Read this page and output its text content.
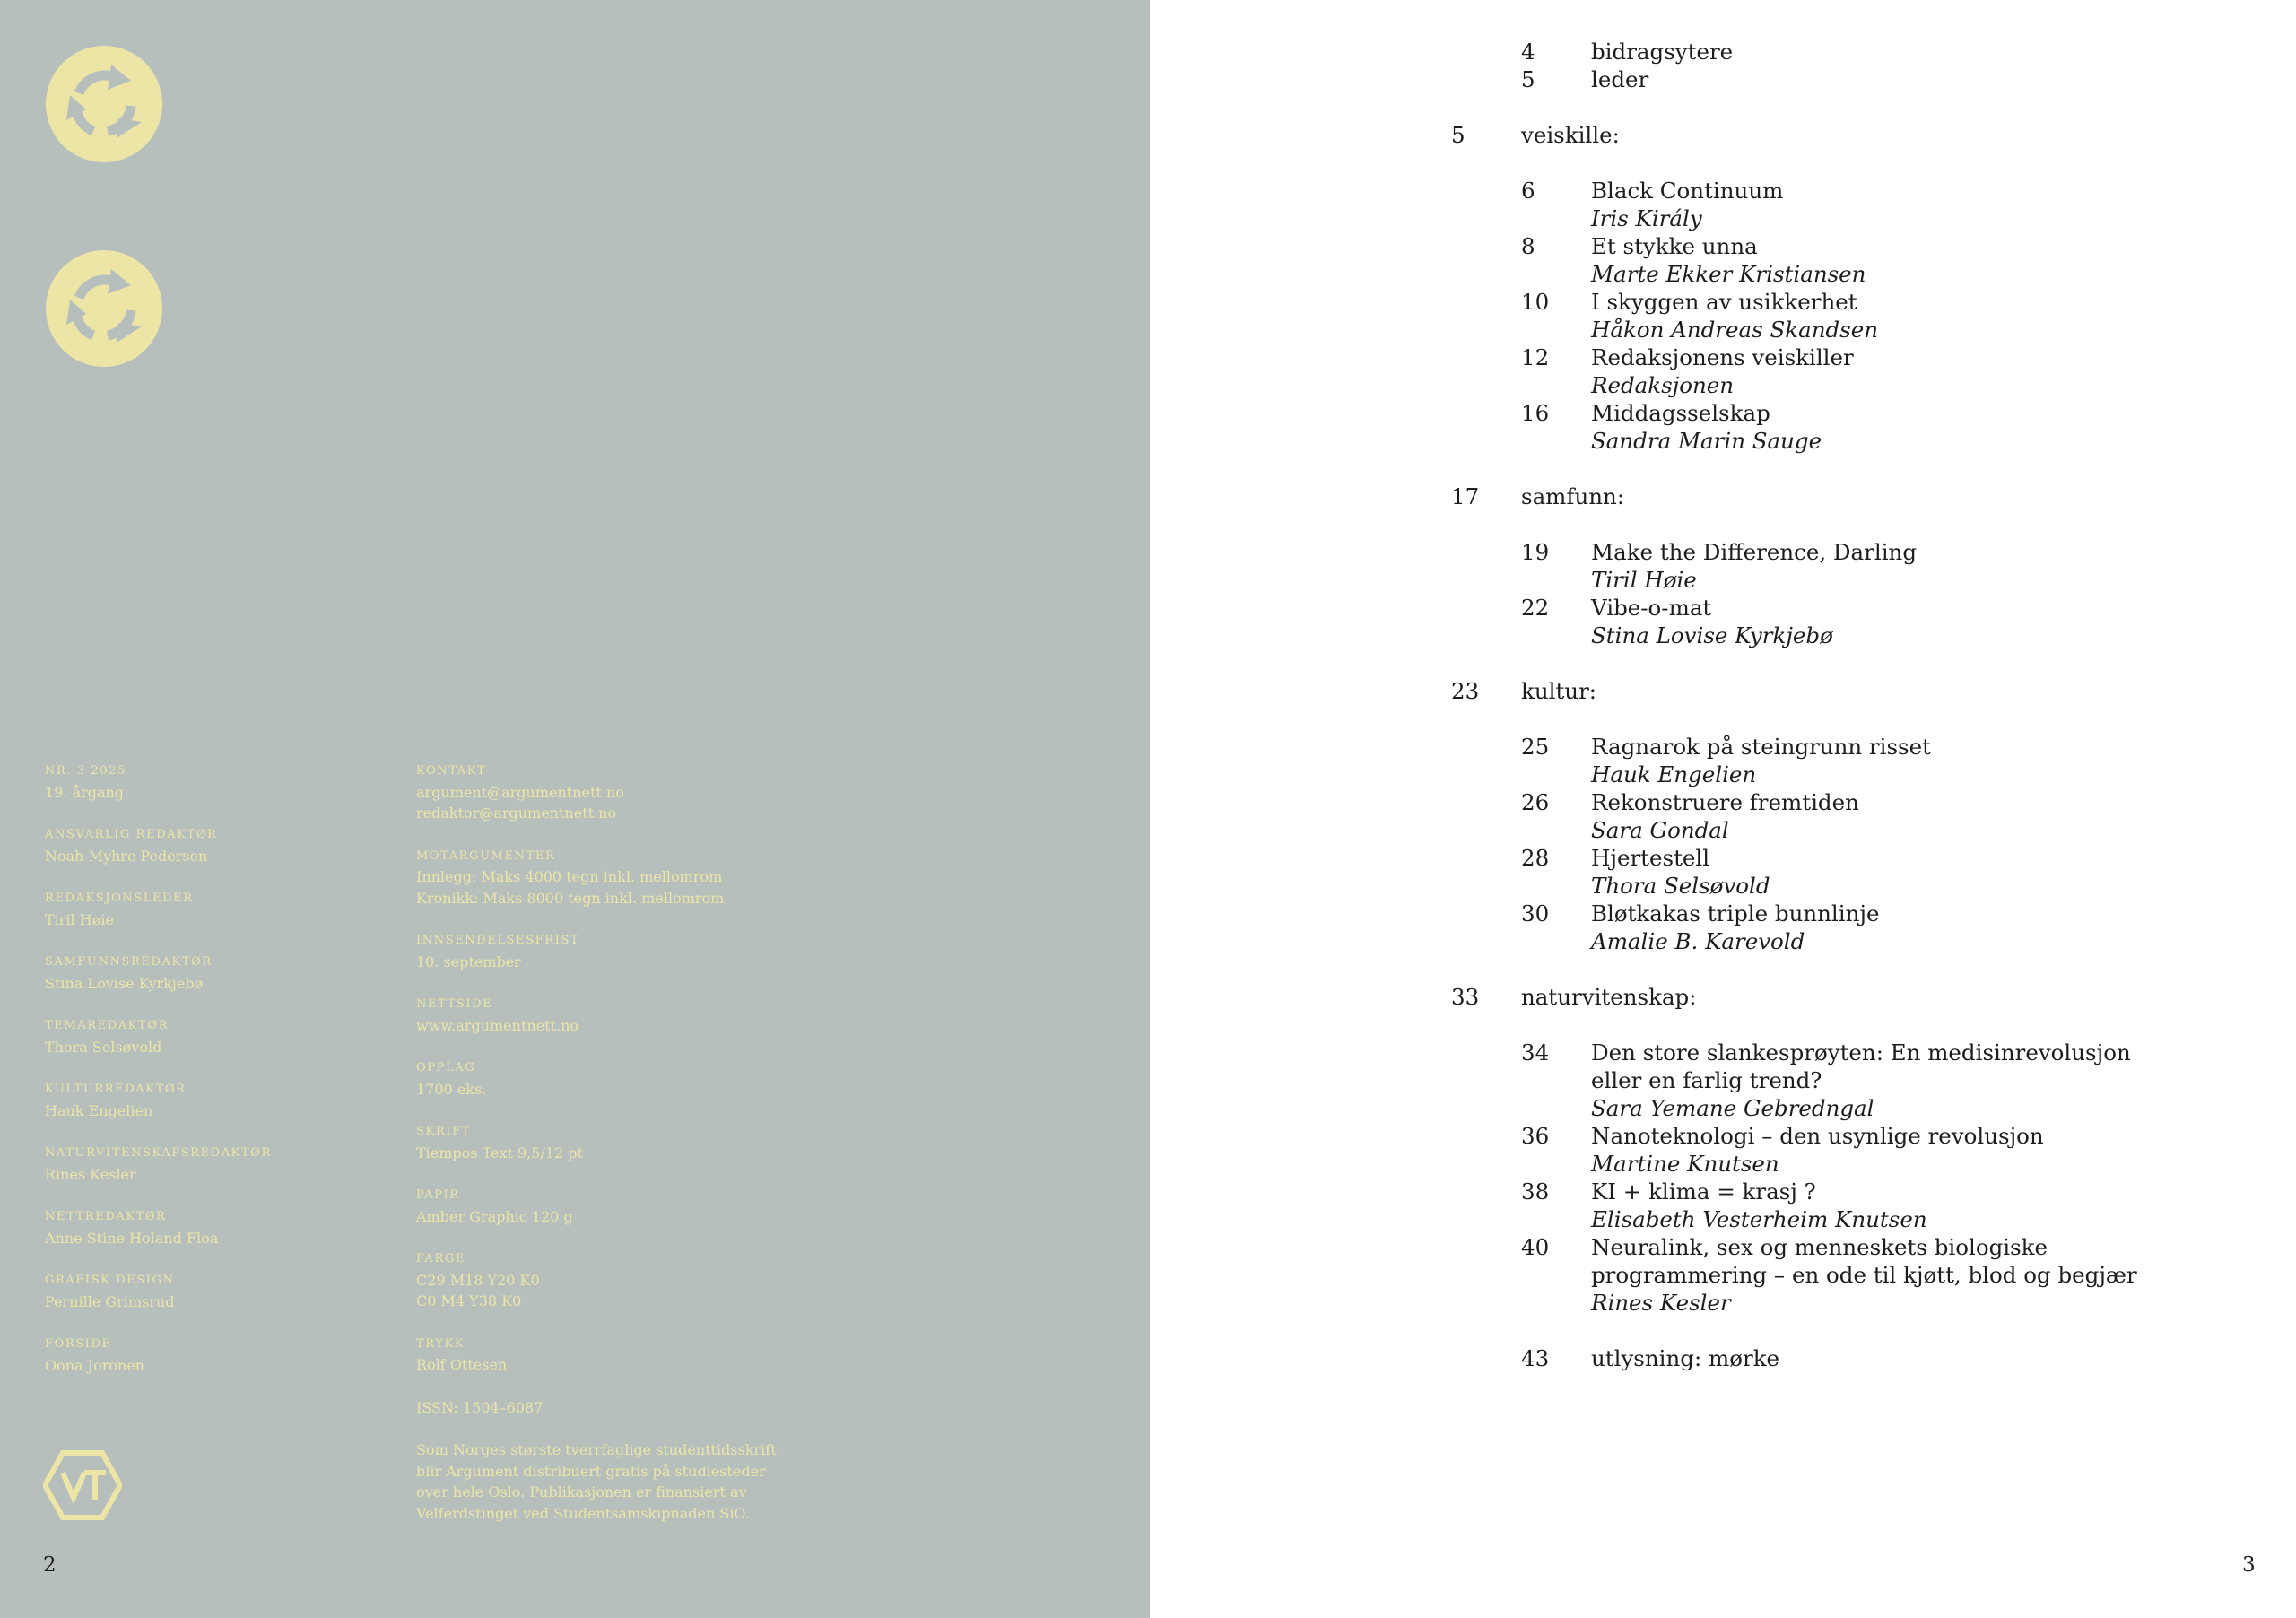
NR. 3 2025
19. årgang
ANSVARLIG REDAKTØR
Noah Myhre Pedersen
REDAKSJONSLEDER
Tiril Høie
SAMFUNNSREDAKTØR
Stina Lovise Kyrkjebø
TEMAREDAKTØR
Thora Selsøvold
KULTURREDAKTØR
Hauk Engelien
NATURVITENSKAPSREDAKTØR
Rines Kesler
NETTREDAKTØR
Anne Stine Holand Floa
GRAFISK DESIGN
Pernille Grimsrud
FORSIDE
Oona Joronen
KONTAKT
argument@argumentnett.no
redaktor@argumentnett.no
MOTARGUMENTER
Innlegg: Maks 4000 tegn inkl. mellomrom
Kronikk: Maks 8000 tegn inkl. mellomrom
INNSENDELSESFRIST
10. september
NETTSIDE
www.argumentnett.no
OPPLAG
1700 eks.
SKRIFT
Tiempos Text 9,5/12 pt
PAPIR
Amber Graphic 120 g
FARGE
C29 M18 Y20 K0
C0 M4 Y38 K0
TRYKK
Rolf Ottesen
ISSN: 1504–6087
Som Norges største tverrfaglige studenttidsskrift
blir Argument distribuert gratis på studiesteder
over hele Oslo. Publikasjonen er finansiert av
Velferdstinget ved Studentsamskipnaden SiO.
2
4	bidragsytere
5	leder
5	veiskille:
6	Black Continuum
Iris Király
8	Et stykke unna
Marte Ekker Kristiansen
10 I skyggen av usikkerhet
Håkon Andreas Skandsen
12 Redaksjonens veiskiller
Redaksjonen
16 Middagsselskap
Sandra Marin Sauge
17 samfunn:
19 Make the Difference, Darling
Tiril Høie
22 Vibe-o-mat
Stina Lovise Kyrkjebø
23 kultur:
25 Ragnarok på steingrunn risset
Hauk Engelien
26 Rekonstruere fremtiden
Sara Gondal
28 Hjertestell
Thora Selsøvold
30 Bløtkakas triple bunnlinje
Amalie B. Karevold
33 naturvitenskap:
34 Den store slankesprøyten: En medisinrevolusjon
eller en farlig trend?
Sara Yemane Gebredngal
36 Nanoteknologi – den usynlige revolusjon
Martine Knutsen
38 KI + klima = krasj ?
Elisabeth Vesterheim Knutsen
40 Neuralink, sex og menneskets biologiske
programmering – en ode til kjøtt, blod og begjær
Rines Kesler
43 utlysning: mørke
3
